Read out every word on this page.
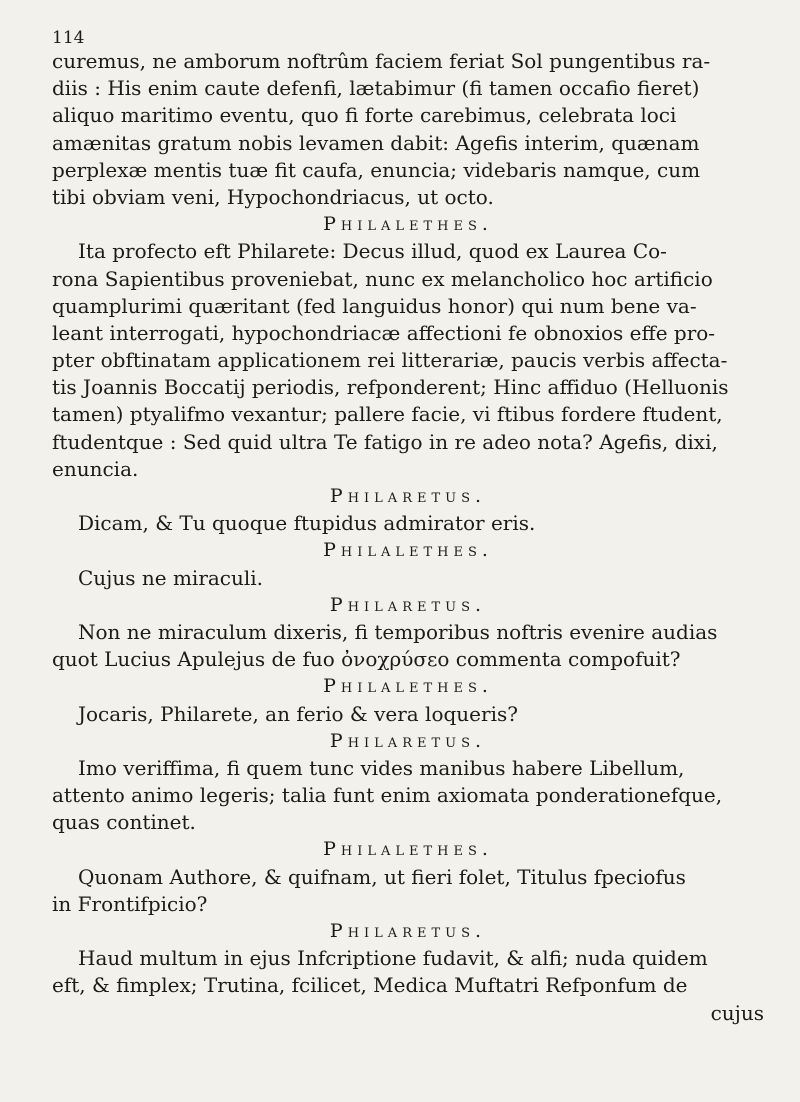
114
curemus, ne amborum noftrûm faciem feriat Sol pungentibus ra-
diis : His enim caute defenfi, lætabimur (fi tamen occafio fieret)
aliquo maritimo eventu, quo fi forte carebimus, celebrata loci
amænitas gratum nobis levamen dabit: Agefis interim, quænam
perplexæ mentis tuæ fit caufa, enuncia; videbaris namque, cum
tibi obviam veni, Hypochondriacus, ut octo.
Philalethes.
Ita profecto eft Philarete: Decus illud, quod ex Laurea Co-
rona Sapientibus proveniebat, nunc ex melancholico hoc artificio
quamplurimi quæritant (fed languidus honor) qui num bene va-
leant interrogati, hypochondriacæ affectioni fe obnoxios effe pro-
pter obftinatam applicationem rei litterariæ, paucis verbis affecta-
tis Joannis Boccatij periodis, refponderent; Hinc affiduo (Helluonis
tamen) ptyalifmo vexantur; pallere facie, vi ftibus fordere ftudent,
ftudentque : Sed quid ultra Te fatigo in re adeo nota? Agefis, dixi,
enuncia.
Philaretus.
Dicam, & Tu quoque ftupidus admirator eris.
Philalethes.
Cujus ne miraculi.
Philaretus.
Non ne miraculum dixeris, fi temporibus noftris evenire audias
quot Lucius Apulejus de fuo ὀνοχρύσεο commenta compofuit?
Philalethes.
Jocaris, Philarete, an ferio & vera loqueris?
Philaretus.
Imo veriffima, fi quem tunc vides manibus habere Libellum,
attento animo legeris; talia funt enim axiomata ponderationefque,
quas continet.
Philalethes.
Quonam Authore, & quifnam, ut fieri folet, Titulus fpeciofus
in Frontifpicio?
Philaretus.
Haud multum in ejus Infcriptione fudavit, & alfi; nuda quidem
eft, & fimplex; Trutina, fcilicet, Medica Muftatri Refponfum de
cujus
